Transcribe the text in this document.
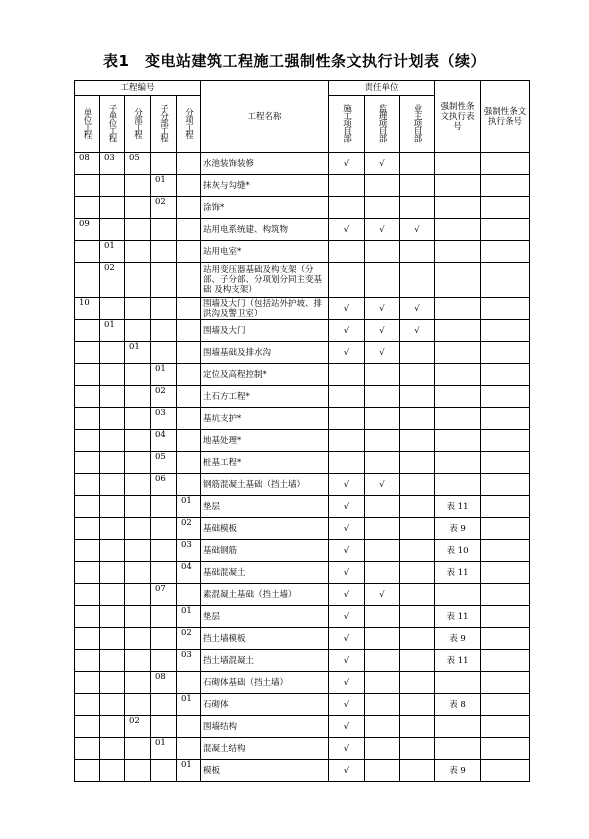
表1　变电站建筑工程施工强制性条文执行计划表（续）
工程编号					工程名称	责任单位			强制性条文执行表号	强制性条文执行条号
单位工程	子单位工程	分部工程	子分部工程	分项工程		施工项目部	监理项目部	业主项目部		
08	03	05			水池装饰装修	√	√			
			01		抹灰与勾缝*					
			02		涂饰*					
09					站用电系统建、构筑物	√	√	√		
	01				站用电室*					
	02				站用变压器基础及构支架（分部、子分部、分项划分同主变基础 及构支架）					
10					围墙及大门（包括站外护坡、排洪沟及警卫室）	√	√	√		
	01				围墙及大门	√	√	√		
		01			围墙基础及排水沟	√	√			
			01		定位及高程控制*					
			02		土石方工程*					
			03		基坑支护*					
			04		地基处理*					
			05		桩基工程*					
			06		钢筋混凝土基础（挡土墙）	√	√			
				01	垫层	√			表 11	
				02	基础模板	√			表 9	
				03	基础钢筋	√			表 10	
				04	基础混凝土	√			表 11	
			07		素混凝土基础（挡土墙）	√	√			
				01	垫层	√			表 11	
				02	挡土墙模板	√			表 9	
				03	挡土墙混凝土	√			表 11	
			08		石砌体基础（挡土墙）	√				
				01	石砌体	√			表 8	
		02			围墙结构	√				
			01		混凝土结构	√				
				01	模板	√			表 9	
